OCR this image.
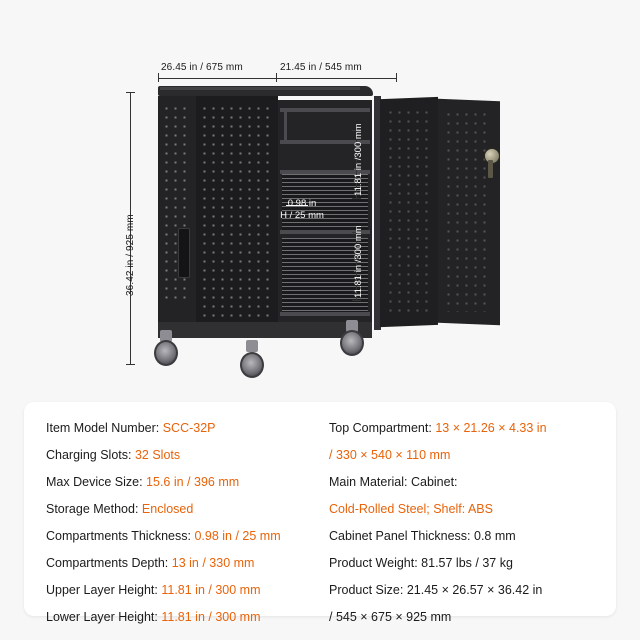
26.45 in / 675 mm	21.45 in / 545 mm
36.42 in / 925 mm
0.98 in
H / 25 mm
11.81 in /300 mm
11.81 in /300 mm
Item Model Number: SCC-32P
Charging Slots: 32 Slots
Max Device Size: 15.6 in / 396 mm
Storage Method: Enclosed
Compartments Thickness: 0.98 in / 25 mm
Compartments Depth: 13 in / 330 mm
Upper Layer Height: 11.81 in / 300 mm
Lower Layer Height: 11.81 in / 300 mm
Top Compartment: 13 × 21.26 × 4.33 in
/ 330 × 540 × 110 mm
Main Material: Cabinet:
Cold-Rolled Steel; Shelf: ABS
Cabinet Panel Thickness: 0.8 mm
Product Weight: 81.57 lbs / 37 kg
Product Size: 21.45 × 26.57 × 36.42 in
/ 545 × 675 × 925 mm
